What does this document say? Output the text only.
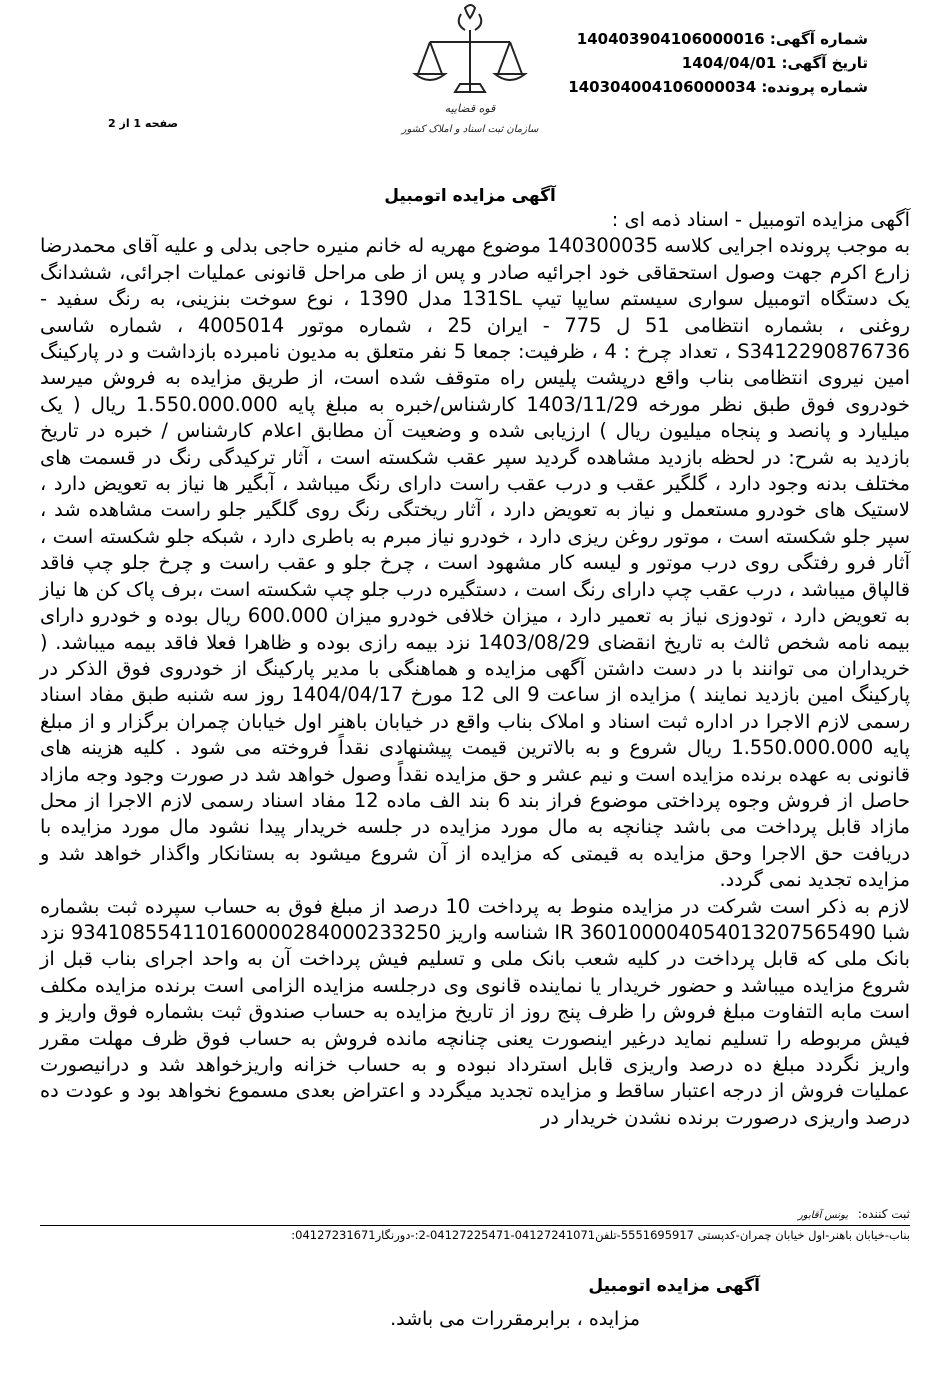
شماره آگهی: 140403904106000016
تاریخ آگهی: 1404/04/01
شماره پرونده: 140304004106000034
صفحه 1 از 2
قوه قضاییه
سازمان ثبت اسناد و املاک کشور
آگهی مزایده اتومبیل

آگهی مزایده اتومبیل - اسناد ذمه ای :

به موجب پرونده اجرایی کلاسه 140300035 موضوع مهریه له خانم منیره حاجی بدلی و علیه آقای محمدرضا زارع اکرم جهت وصول استحقاقی خود اجرائیه صادر و پس از طی مراحل قانونی عملیات اجرائی، ششدانگ یک دستگاه اتومبیل سواری سیستم سایپا تیپ 131SL مدل 1390 ، نوع سوخت بنزینی، به رنگ سفید - روغنی ، بشماره انتظامی 51 ل 775 - ایران 25 ، شماره موتور 4005014 ، شماره شاسی S3412290876736 ، تعداد چرخ : 4 ، ظرفیت: جمعا 5 نفر متعلق به مدیون نامبرده بازداشت و در پارکینگ امین نیروی انتظامی بناب واقع درپشت پلیس راه متوقف شده است، از طریق مزایده به فروش میرسد خودروی فوق طبق نظر مورخه 1403/11/29 کارشناس/خبره به مبلغ پایه 1.550.000.000 ریال ( یک میلیارد و پانصد و پنجاه میلیون ریال ) ارزیابی شده و وضعیت آن مطابق اعلام کارشناس / خبره در تاریخ بازدید به شرح: در لحظه بازدید مشاهده گردید سپر عقب شکسته است ، آثار ترکیدگی رنگ در قسمت های مختلف بدنه وجود دارد ، گلگیر عقب و درب عقب راست دارای رنگ میباشد ، آبگیر ها نیاز به تعویض دارد ، لاستیک های خودرو مستعمل و نیاز به تعویض دارد ، آثار ریختگی رنگ روی گلگیر جلو راست مشاهده شد ، سپر جلو شکسته است ، موتور روغن ریزی دارد ، خودرو نیاز مبرم به باطری دارد ، شبکه جلو شکسته است ، آثار فرو رفتگی روی درب موتور و لیسه کار مشهود است ، چرخ جلو و عقب راست و چرخ جلو چپ فاقد قالپاق میباشد ، درب عقب چپ دارای رنگ است ، دستگیره درب جلو چپ شکسته است ،برف پاک کن ها نیاز به تعویض دارد ، تودوزی نیاز به تعمیر دارد ، میزان خلافی خودرو میزان 600.000 ریال بوده و خودرو دارای بیمه نامه شخص ثالث به تاریخ انقضای 1403/08/29 نزد بیمه رازی بوده و ظاهرا فعلا فاقد بیمه میباشد. ( خریداران می توانند با در دست داشتن آگهی مزایده و هماهنگی با مدیر پارکینگ از خودروی فوق الذکر در پارکینگ امین بازدید نمایند ) مزایده از ساعت 9 الی 12 مورخ 1404/04/17 روز سه شنبه طبق مفاد اسناد رسمی لازم الاجرا در اداره ثبت اسناد و املاک بناب واقع در خیابان باهنر اول خیابان چمران برگزار و از مبلغ پایه 1.550.000.000 ریال شروع و به بالاترین قیمت پیشنهادی نقداً فروخته می شود . کلیه هزینه های قانونی به عهده برنده مزایده است و نیم عشر و حق مزایده نقداً وصول خواهد شد در صورت وجود وجه مازاد حاصل از فروش وجوه پرداختی موضوع فراز بند 6 بند الف ماده 12 مفاد اسناد رسمی لازم الاجرا از محل مازاد قابل پرداخت می باشد چنانچه به مال مورد مزایده در جلسه خریدار پیدا نشود مال مورد مزایده با دریافت حق الاجرا وحق مزایده به قیمتی که مزایده از آن شروع میشود به بستانکار واگذار خواهد شد و مزایده تجدید نمی گردد.

لازم به ذکر است شرکت در مزایده منوط به پرداخت 10 درصد از مبلغ فوق به حساب سپرده ثبت بشماره شبا IR 360100004054013207565490 شناسه واریز 934108554110160000284000233250 نزد بانک ملی که قابل پرداخت در کلیه شعب بانک ملی و تسلیم فیش پرداخت آن به واحد اجرای بناب قبل از شروع مزایده میباشد و حضور خریدار یا نماینده قانوی وی درجلسه مزایده الزامی است برنده مزایده مکلف است مابه التفاوت مبلغ فروش را ظرف پنج روز از تاریخ مزایده به حساب صندوق ثبت بشماره فوق واریز و فیش مربوطه را تسلیم نماید درغیر اینصورت یعنی چنانچه مانده فروش به حساب فوق ظرف مهلت مقرر واریز نگردد مبلغ ده درصد واریزی قابل استرداد نبوده و به حساب خزانه واریزخواهد شد و درانیصورت عملیات فروش از درجه اعتبار ساقط و مزایده تجدید میگردد و اعتراض بعدی مسموع نخواهد بود و عودت ده درصد واریزی درصورت برنده نشدن خریدار در

ثبت کننده: یونس آقابور
بناب-خیابان باهنر-اول خیابان چمران-کدپستی 5551695917-تلفن04127241071-04127225471-2:-دورنگار04127231671:
آگهی مزایده اتومبیل
مزایده ، برابرمقررات می باشد.
